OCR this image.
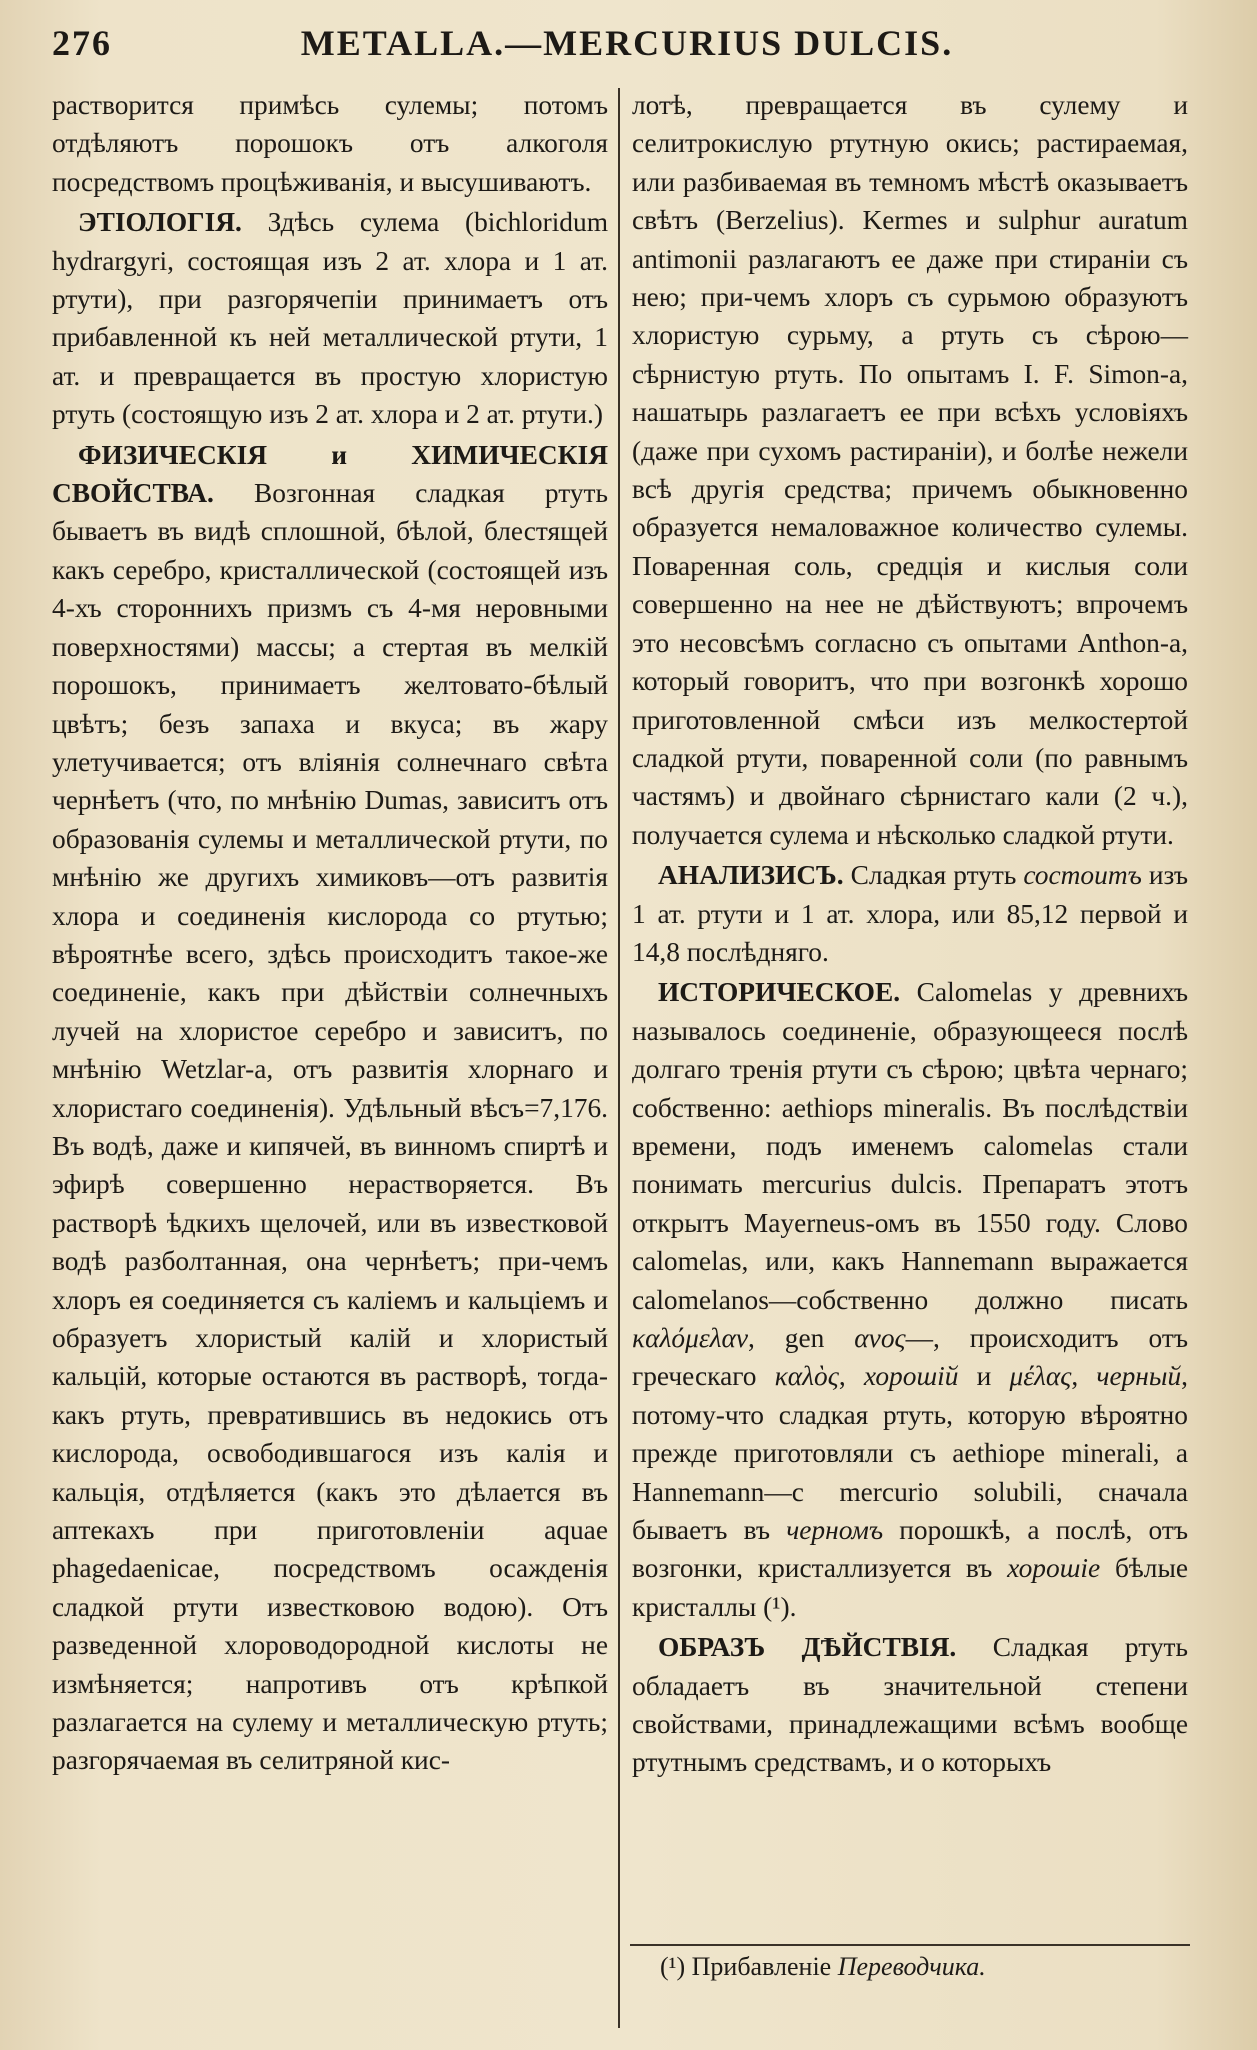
276	METALLA.—MERCURIUS DULCIS.

растворится примѣсь сулемы; потомъ отдѣляютъ порошокъ отъ алкоголя посредствомъ процѣживанія, и высушиваютъ.

ЭТІОЛОГІЯ. Здѣсь сулема (bichloridum hydrargyri, состоящая изъ 2 ат. хлора и 1 ат. ртути), при разгорячепіи принимаетъ отъ прибавленной къ ней металлической ртути, 1 ат. и превращается въ простую хлористую ртуть (состоящую изъ 2 ат. хлора и 2 ат. ртути.)

ФИЗИЧЕСКІЯ и ХИМИЧЕСКІЯ СВОЙСТВА. Возгонная сладкая ртуть бываетъ въ видѣ сплошной, бѣлой, блестящей какъ серебро, кристаллической (состоящей изъ 4-хъ стороннихъ призмъ съ 4-мя неровными поверхностями) массы; а стертая въ мелкій порошокъ, принимаетъ желтовато-бѣлый цвѣтъ; безъ запаха и вкуса; въ жару улетучивается; отъ вліянія солнечнаго свѣта чернѣетъ (что, по мнѣнію Dumas, зависитъ отъ образованія сулемы и металлической ртути, по мнѣнію же другихъ химиковъ—отъ развитія хлора и соединенія кислорода со ртутью; вѣроятнѣе всего, здѣсь происходитъ такое-же соединеніе, какъ при дѣйствіи солнечныхъ лучей на хлористое серебро и зависитъ, по мнѣнію Wetzlar-а, отъ развитія хлорнаго и хлористаго соединенія). Удѣльный вѣсъ=7,176. Въ водѣ, даже и кипячей, въ винномъ спиртѣ и эфирѣ совершенно нерастворяется. Въ растворѣ ѣдкихъ щелочей, или въ известковой водѣ разболтанная, она чернѣетъ; при-чемъ хлоръ ея соединяется съ каліемъ и кальціемъ и образуетъ хлористый калій и хлористый кальцій, которые остаются въ растворѣ, тогда-какъ ртуть, превратившись въ недокись отъ кислорода, освободившагося изъ калія и кальція, отдѣляется (какъ это дѣлается въ аптекахъ при приготовленіи aquae phagedaenicae, посредствомъ осажденія сладкой ртути известковою водою). Отъ разведенной хлороводородной кислоты не измѣняется; напротивъ отъ крѣпкой разлагается на сулему и металлическую ртуть; разгорячаемая въ селитряной кис-

лотѣ, превращается въ сулему и селитрокислую ртутную окись; растираемая, или разбиваемая въ темномъ мѣстѣ оказываетъ свѣтъ (Berzelius). Kermes и sulphur auratum antimonii разлагаютъ ее даже при стираніи съ нею; при-чемъ хлоръ съ сурьмою образуютъ хлористую сурьму, а ртуть съ сѣрою—сѣрнистую ртуть. По опытамъ I. F. Simon-а, нашатырь разлагаетъ ее при всѣхъ условіяхъ (даже при сухомъ растираніи), и болѣе нежели всѣ другія средства; причемъ обыкновенно образуется немаловажное количество сулемы. Поваренная соль, средція и кислыя соли совершенно на нее не дѣйствуютъ; впрочемъ это несовсѣмъ согласно съ опытами Anthon-а, который говоритъ, что при возгонкѣ хорошо приготовленной смѣси изъ мелкостертой сладкой ртути, поваренной соли (по равнымъ частямъ) и двойнаго сѣрнистаго кали (2 ч.), получается сулема и нѣсколько сладкой ртути.

АНАЛИЗИСЪ. Сладкая ртуть состоитъ изъ 1 ат. ртути и 1 ат. хлора, или 85,12 первой и 14,8 послѣдняго.

ИСТОРИЧЕСКОЕ. Calomelas у древнихъ называлось соединеніе, образующееся послѣ долгаго тренія ртути съ сѣрою; цвѣта чернаго; собственно: aethiops mineralis. Въ послѣдствіи времени, подъ именемъ calomelas стали понимать mercurius dulcis. Препаратъ этотъ открытъ Mayerneus-омъ въ 1550 году. Слово calomelas, или, какъ Hannemann выражается calomelanos—собственно должно писать καλόμελαν, gen ανος—, происходитъ отъ греческаго καλὸς, хорошій и μέλας, черный, потому-что сладкая ртуть, которую вѣроятно прежде приготовляли съ aethiope minerali, а Hannemann—с mercurio solubili, сначала бываетъ въ черномъ порошкѣ, а послѣ, отъ возгонки, кристаллизуется въ хорошіе бѣлые кристаллы (¹).

ОБРАЗЪ ДѢЙСТВІЯ. Сладкая ртуть обладаетъ въ значительной степени свойствами, принадлежащими всѣмъ вообще ртутнымъ средствамъ, и о которыхъ

(¹) Прибавленіе Переводчика.
